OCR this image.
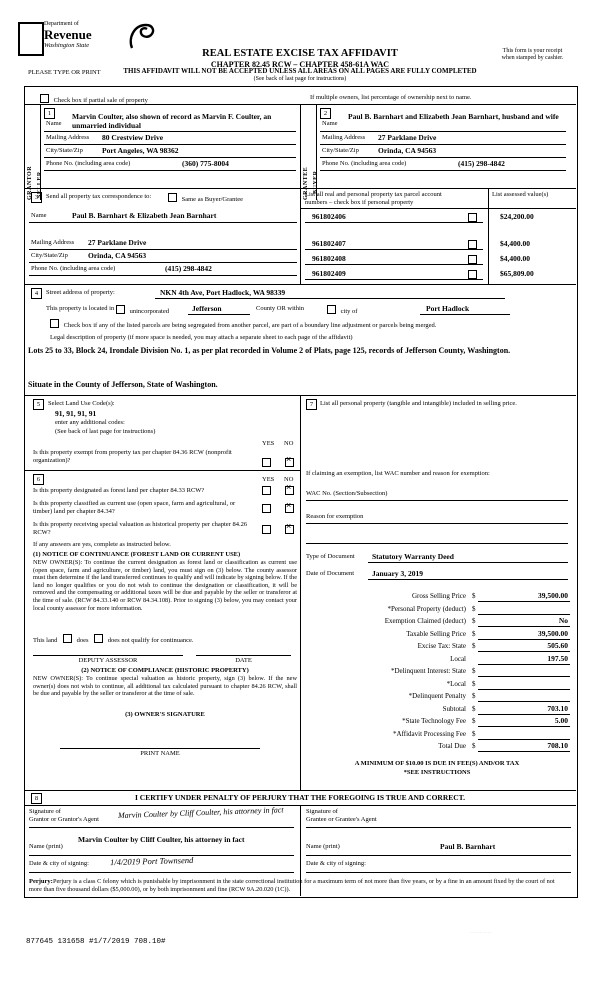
Department of
Revenue
Washington State
REAL ESTATE EXCISE TAX AFFIDAVIT
CHAPTER 82.45 RCW – CHAPTER 458-61A WAC
This form is your receipt
when stamped by cashier.
PLEASE TYPE OR PRINT	THIS AFFIDAVIT WILL NOT BE ACCEPTED UNLESS ALL AREAS ON ALL PAGES ARE FULLY COMPLETED
(See back of last page for instructions)
Check box if partial sale of property	If multiple owners, list percentage of ownership next to name.
SELLER
GRANTOR
1
Name
Marvin Coulter, also shown of record as Marvin F. Coulter, an unmarried individual
Mailing Address 80 Crestview Drive
City/State/Zip	Port Angeles, WA 98362
Phone No. (including area code)	(360) 775-8004
BUYER
GRANTEE
2
Name
Paul B. Barnhart and Elizabeth Jean Barnhart, husband and wife
Mailing Address 27 Parklane Drive
City/State/Zip	Orinda, CA 94563
Phone No. (including area code)	(415) 298-4842
3	Send all property tax correspondence to:	Same as Buyer/Grantee
Name	Paul B. Barnhart & Elizabeth Jean Barnhart
Mailing Address 27 Parklane Drive
City/State/Zip	Orinda, CA 94563
Phone No. (including area code)	(415) 298-4842
List all real and personal property tax parcel account
numbers – check box if personal property
List assessed value(s)
961802406	$24,200.00
961802407	$4,400.00
961802408	$4,400.00
961802409	$65,809.00
4	Street address of property:	NKN 4th Ave, Port Hadlock, WA 98339
This property is located in	unincorporated	Jefferson	County OR within	city of	Port Hadlock
Check box if any of the listed parcels are being segregated from another parcel, are part of a boundary line adjustment or parcels being merged.
Legal description of property (if more space is needed, you may attach a separate sheet to each page of the affidavit)
Lots 25 to 33, Block 24, Irondale Division No. 1, as per plat recorded in Volume 2 of Plats, page 125, records of Jefferson County, Washington.
Situate in the County of Jefferson, State of Washington.
5	Select Land Use Code(s):
91, 91, 91, 91
enter any additional codes:
(See back of last page for instructions)
YES NO
Is this property exempt from property tax per chapter 84.36 RCW (nonprofit organization)?
×
6	YES NO
Is this property designated as forest land per chapter 84.33 RCW?
×
Is this property classified as current use (open space, farm and agricultural, or timber) land per chapter 84.34?
×
Is this property receiving special valuation as historical property per chapter 84.26 RCW?
×
If any answers are yes, complete as instructed below.
(1) NOTICE OF CONTINUANCE (FOREST LAND OR CURRENT USE)
NEW OWNER(S): To continue the current designation as forest land or classification as current use (open space, farm and agriculture, or timber) land, you must sign on (3) below. The county assessor must then determine if the land transferred continues to qualify and will indicate by signing below. If the land no longer qualifies or you do not wish to continue the designation or classification, it will be removed and the compensating or additional taxes will be due and payable by the seller or transferor at the time of sale. (RCW 84.33.140 or RCW 84.34.108). Prior to signing (3) below, you may contact your local county assessor for more information.
This land	does	does not qualify for continuance.
DEPUTY ASSESSOR	DATE
(2) NOTICE OF COMPLIANCE (HISTORIC PROPERTY)
NEW OWNER(S): To continue special valuation as historic property, sign (3) below. If the new owner(s) does not wish to continue, all additional tax calculated pursuant to chapter 84.26 RCW, shall be due and payable by the seller or transferor at the time of sale.
(3) OWNER'S SIGNATURE
PRINT NAME
7	List all personal property (tangible and intangible) included in selling price.
If claiming an exemption, list WAC number and reason for exemption:
WAC No. (Section/Subsection)
Reason for exemption
Type of Document Statutory Warranty Deed
Date of Document January 3, 2019
Gross Selling Price $	39,500.00
*Personal Property (deduct) $
Exemption Claimed (deduct) $	No
Taxable Selling Price $	39,500.00
Excise Tax: State $	505.60
Local	197.50
*Delinquent Interest: State $
*Local $
*Delinquent Penalty $
Subtotal $	703.10
*State Technology Fee $	5.00
*Affidavit Processing Fee $
Total Due $	708.10
A MINIMUM OF $10.00 IS DUE IN FEE(S) AND/OR TAX
*SEE INSTRUCTIONS
8	I CERTIFY UNDER PENALTY OF PERJURY THAT THE FOREGOING IS TRUE AND CORRECT.
Signature of
Grantor or Grantor's Agent
Signature of
Grantee or Grantee's Agent
Marvin Coulter by Cliff Coulter, his attorney in fact
Name (print)
Marvin Coulter by Cliff Coulter, his attorney in fact
Name (print)	Paul B. Barnhart
Date & city of signing: 1/4/2019 Port Townsend	Date & city of signing:
Perjury: Perjury is a class C felony which is punishable by imprisonment in the state correctional institution for a maximum term of not more than five years, or by a fine in an amount fixed by the court of not more than five thousand dollars ($5,000.00), or by both imprisonment and fine (RCW 9A.20.020 (1C)).
877645 131658 #1/7/2019 708.10#
. . . . . . . . .
